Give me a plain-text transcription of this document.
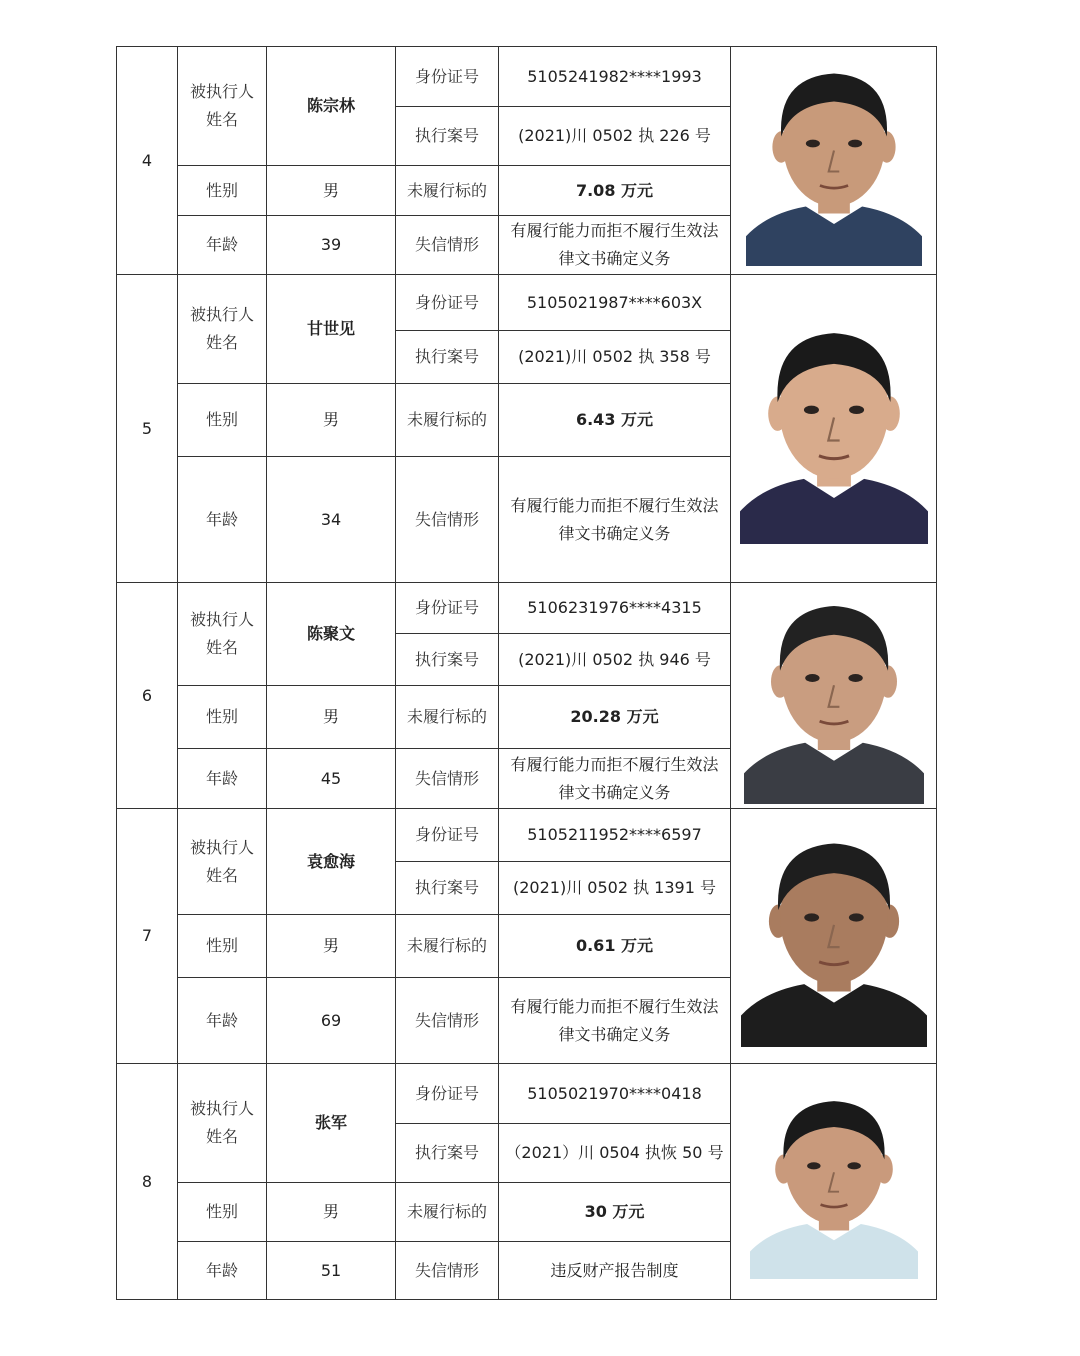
4	被执行人姓名	陈宗林	身份证号	5105241982****1993	

			执行案号	(2021)川 0502 执 226 号	
	性别	男	未履行标的	7.08 万元	
	年龄	39	失信情形	有履行能力而拒不履行生效法律文书确定义务	
5	被执行人姓名	甘世见	身份证号	5105021987****603X	

			执行案号	(2021)川 0502 执 358 号	
	性别	男	未履行标的	6.43 万元	
	年龄	34	失信情形	有履行能力而拒不履行生效法律文书确定义务	
6	被执行人姓名	陈聚文	身份证号	5106231976****4315	

			执行案号	(2021)川 0502 执 946 号	
	性别	男	未履行标的	20.28 万元	
	年龄	45	失信情形	有履行能力而拒不履行生效法律文书确定义务	
7	被执行人姓名	袁愈海	身份证号	5105211952****6597	

			执行案号	(2021)川 0502 执 1391 号	
	性别	男	未履行标的	0.61 万元	
	年龄	69	失信情形	有履行能力而拒不履行生效法律文书确定义务	
8	被执行人姓名	张军	身份证号	5105021970****0418	

			执行案号	（2021）川 0504 执恢 50 号	
	性别	男	未履行标的	30 万元	
	年龄	51	失信情形	违反财产报告制度	
